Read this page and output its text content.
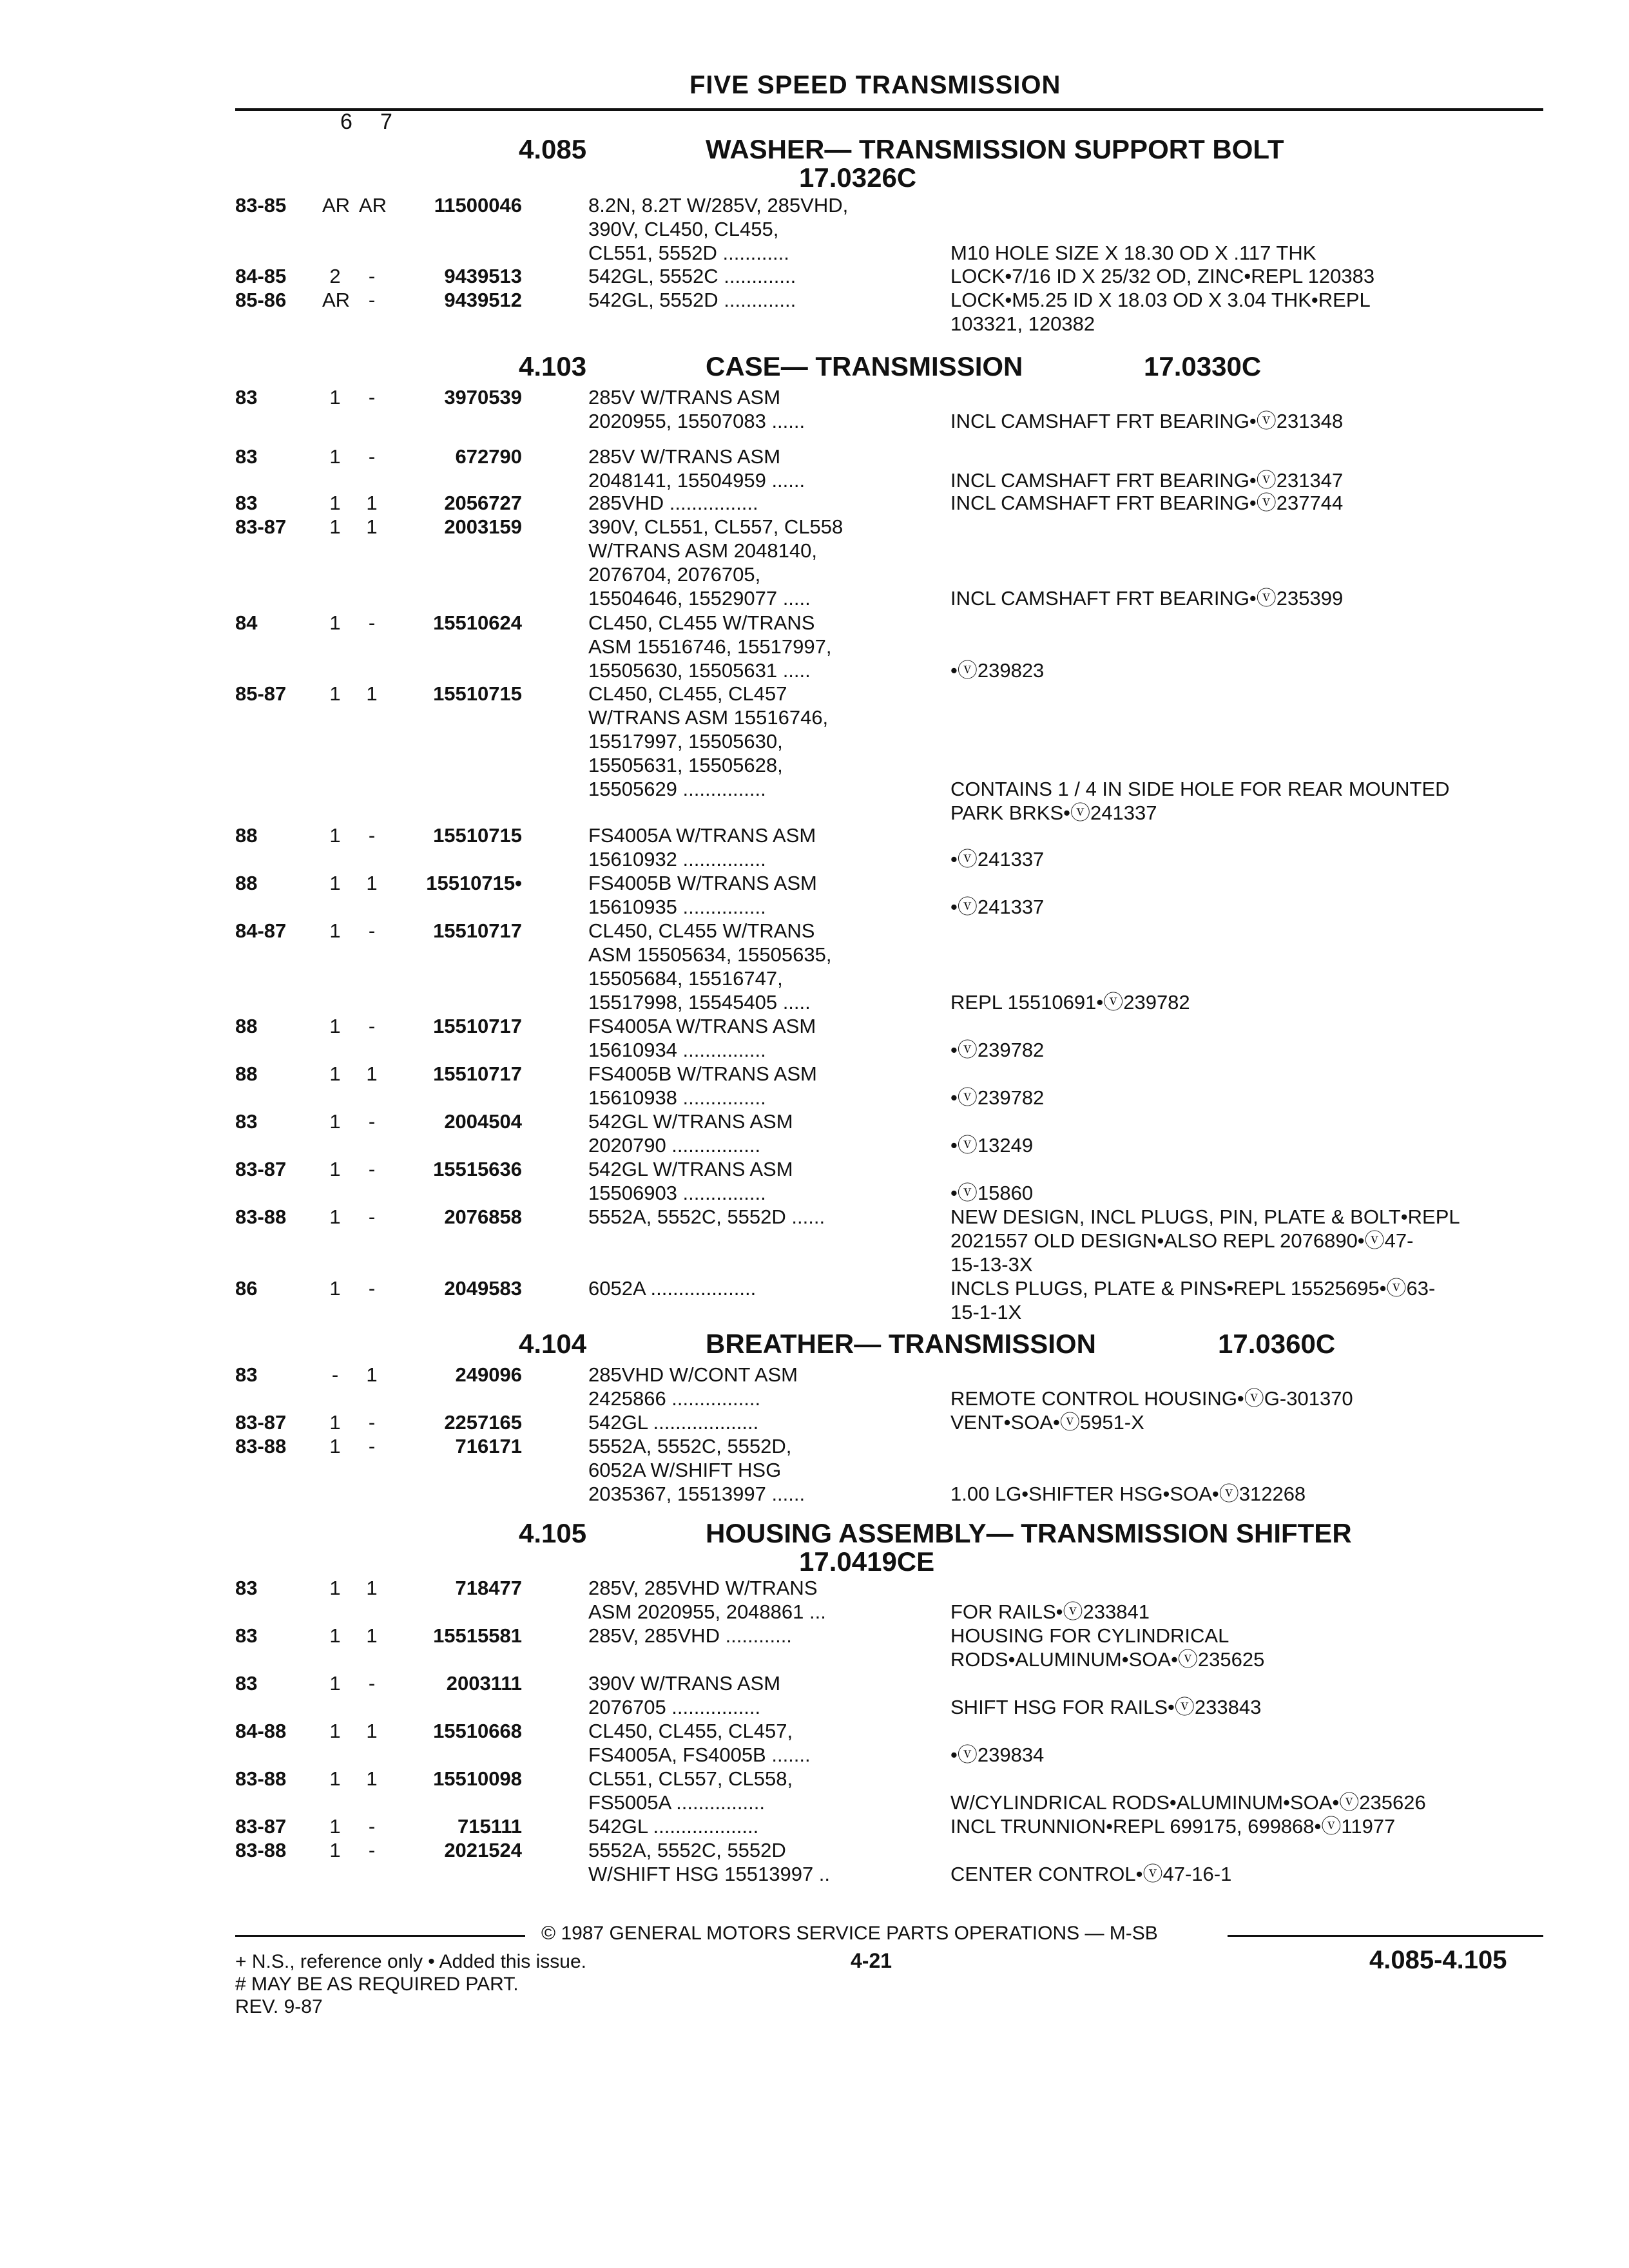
FIVE SPEED TRANSMISSION
6 7
4.085	WASHER— TRANSMISSION SUPPORT BOLT
17.0326C
83-85 AR AR	11500046	8.2N, 8.2T W/285V, 285VHD,
390V, CL450, CL455,
CL551, 5552D ............	M10 HOLE SIZE X 18.30 OD X .117 THK
84-85	2	-	9439513	542GL, 5552C .............	LOCK•7/16 ID X 25/32 OD, ZINC•REPL 120383
85-86 AR -	9439512	542GL, 5552D .............	LOCK•M5.25 ID X 18.03 OD X 3.04 THK•REPL
103321, 120382
4.103	CASE— TRANSMISSION	17.0330C
83	1	-	3970539	285V W/TRANS ASM
2020955, 15507083 ......	INCL CAMSHAFT FRT BEARING•ⓥ231348
83	1	-	672790	285V W/TRANS ASM
2048141, 15504959 ......	INCL CAMSHAFT FRT BEARING•ⓥ231347
83	1	1	2056727	285VHD ................	INCL CAMSHAFT FRT BEARING•ⓥ237744
83-87	1	1	2003159	390V, CL551, CL557, CL558
W/TRANS ASM 2048140,
2076704, 2076705,
15504646, 15529077 .....	INCL CAMSHAFT FRT BEARING•ⓥ235399
84	1	-	15510624	CL450, CL455 W/TRANS
ASM 15516746, 15517997,
15505630, 15505631 .....	•ⓥ239823
85-87	1	1	15510715	CL450, CL455, CL457
W/TRANS ASM 15516746,
15517997, 15505630,
15505631, 15505628,
15505629 ...............	CONTAINS 1 / 4 IN SIDE HOLE FOR REAR MOUNTED
PARK BRKS•ⓥ241337
88	1	-	15510715	FS4005A W/TRANS ASM
15610932 ...............	•ⓥ241337
88	1	1	15510715•	FS4005B W/TRANS ASM
15610935 ...............	•ⓥ241337
84-87	1	-	15510717	CL450, CL455 W/TRANS
ASM 15505634, 15505635,
15505684, 15516747,
15517998, 15545405 .....	REPL 15510691•ⓥ239782
88	1	-	15510717	FS4005A W/TRANS ASM
15610934 ...............	•ⓥ239782
88	1	1	15510717	FS4005B W/TRANS ASM
15610938 ...............	•ⓥ239782
83	1	-	2004504	542GL W/TRANS ASM
2020790 ................	•ⓥ13249
83-87	1	-	15515636	542GL W/TRANS ASM
15506903 ...............	•ⓥ15860
83-88	1	-	2076858	5552A, 5552C, 5552D ......	NEW DESIGN, INCL PLUGS, PIN, PLATE & BOLT•REPL
2021557 OLD DESIGN•ALSO REPL 2076890•ⓥ47-
15-13-3X
86	1	-	2049583	6052A ...................	INCLS PLUGS, PLATE & PINS•REPL 15525695•ⓥ63-
15-1-1X
4.104	BREATHER— TRANSMISSION	17.0360C
83	-	1	249096	285VHD W/CONT ASM
2425866 ................	REMOTE CONTROL HOUSING•ⓥG-301370
83-87	1	-	2257165	542GL ...................	VENT•SOA•ⓥ5951-X
83-88	1	-	716171	5552A, 5552C, 5552D,
6052A W/SHIFT HSG
2035367, 15513997 ......	1.00 LG•SHIFTER HSG•SOA•ⓥ312268
4.105	HOUSING ASSEMBLY— TRANSMISSION SHIFTER
17.0419CE
83	1	1	718477	285V, 285VHD W/TRANS
ASM 2020955, 2048861 ...	FOR RAILS•ⓥ233841
83	1	1	15515581	285V, 285VHD ............	HOUSING FOR CYLINDRICAL
RODS•ALUMINUM•SOA•ⓥ235625
83	1	-	2003111	390V W/TRANS ASM
2076705 ................	SHIFT HSG FOR RAILS•ⓥ233843
84-88	1	1	15510668	CL450, CL455, CL457,
FS4005A, FS4005B .......	•ⓥ239834
83-88	1	1	15510098	CL551, CL557, CL558,
FS5005A ................	W/CYLINDRICAL RODS•ALUMINUM•SOA•ⓥ235626
83-87	1	-	715111	542GL ...................	INCL TRUNNION•REPL 699175, 699868•ⓥ11977
83-88	1	-	2021524	5552A, 5552C, 5552D
W/SHIFT HSG 15513997 ..	CENTER CONTROL•ⓥ47-16-1
© 1987 GENERAL MOTORS SERVICE PARTS OPERATIONS — M-SB
+ N.S., reference only • Added this issue.	4-21	4.085-4.105
# MAY BE AS REQUIRED PART.
REV. 9-87
